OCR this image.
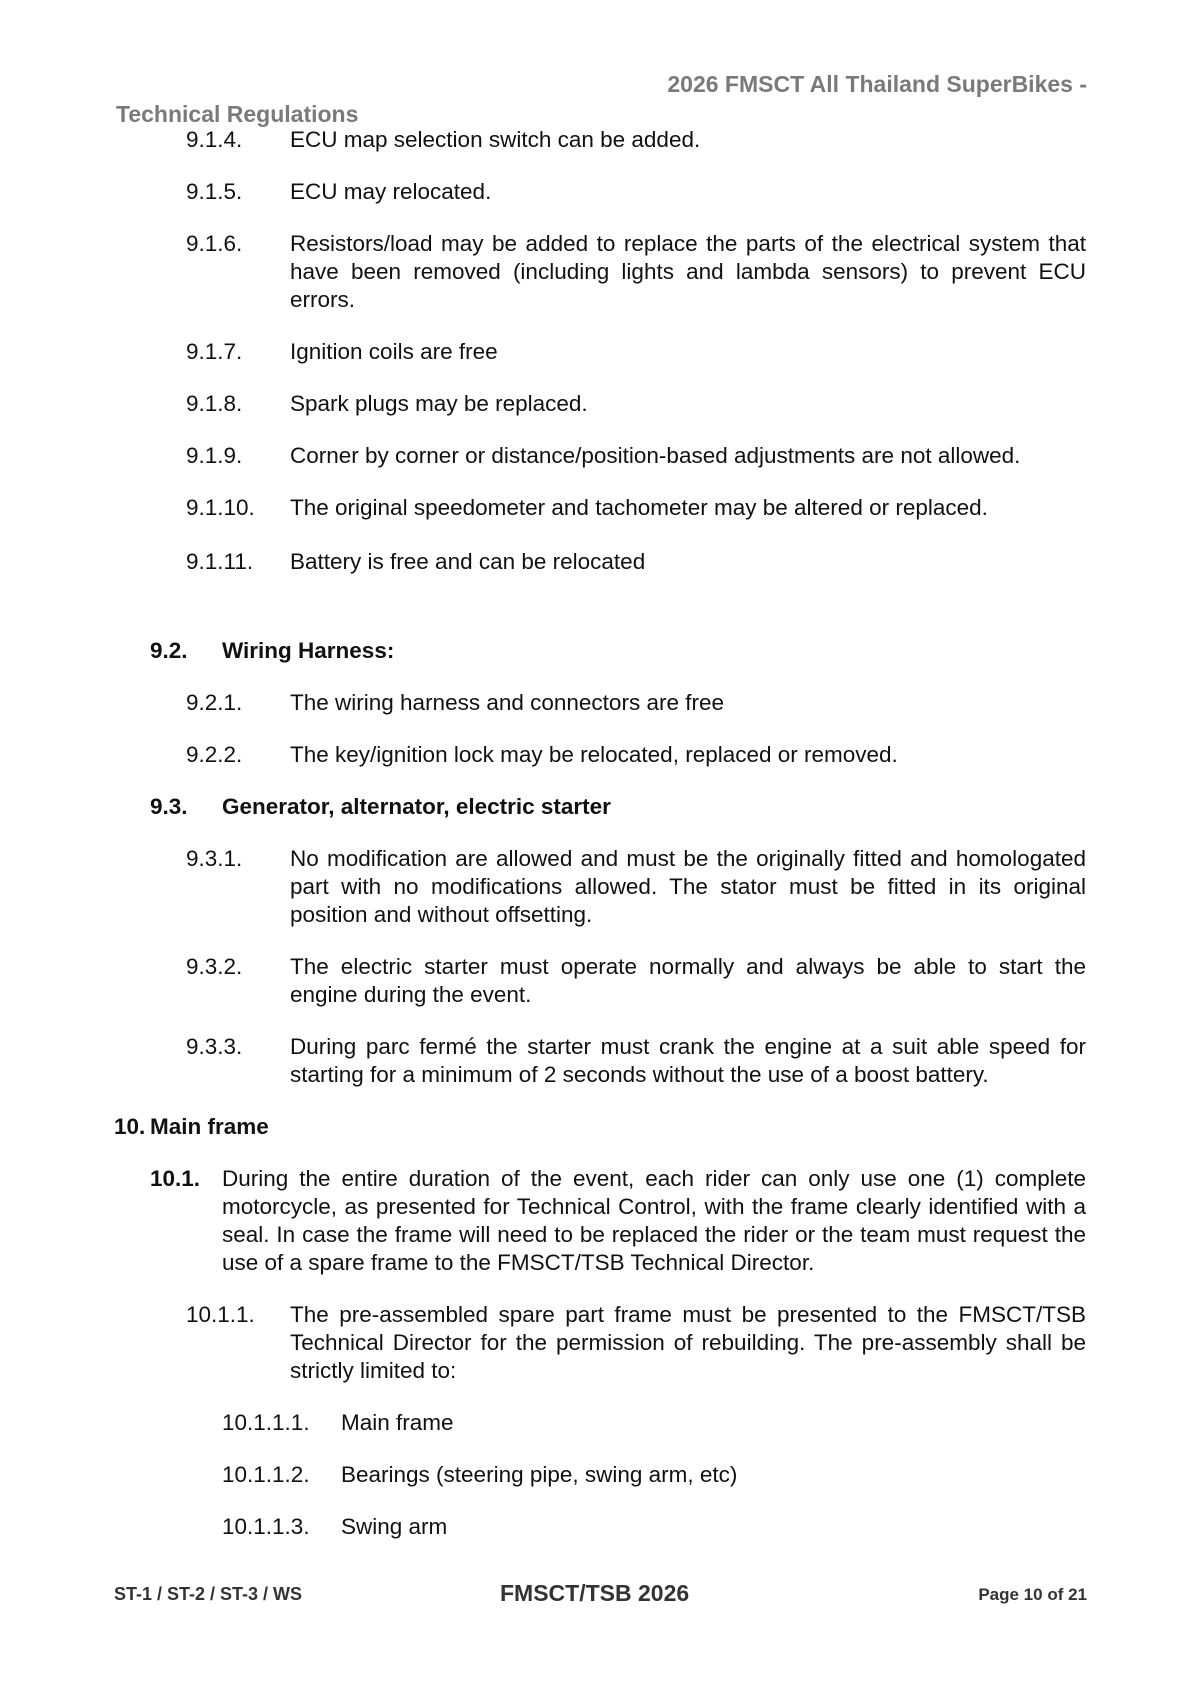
2026 FMSCT All Thailand SuperBikes -
Technical Regulations
9.1.4. ECU map selection switch can be added.
9.1.5. ECU may relocated.
9.1.6. Resistors/load may be added to replace the parts of the electrical system that have been removed (including lights and lambda sensors) to prevent ECU errors.
9.1.7. Ignition coils are free
9.1.8. Spark plugs may be replaced.
9.1.9. Corner by corner or distance/position-based adjustments are not allowed.
9.1.10. The original speedometer and tachometer may be altered or replaced.
9.1.11. Battery is free and can be relocated
9.2. Wiring Harness:
9.2.1. The wiring harness and connectors are free
9.2.2. The key/ignition lock may be relocated, replaced or removed.
9.3. Generator, alternator, electric starter
9.3.1. No modification are allowed and must be the originally fitted and homologated part with no modifications allowed. The stator must be fitted in its original position and without offsetting.
9.3.2. The electric starter must operate normally and always be able to start the engine during the event.
9.3.3. During parc fermé the starter must crank the engine at a suit able speed for starting for a minimum of 2 seconds without the use of a boost battery.
10. Main frame
10.1. During the entire duration of the event, each rider can only use one (1) complete motorcycle, as presented for Technical Control, with the frame clearly identified with a seal. In case the frame will need to be replaced the rider or the team must request the use of a spare frame to the FMSCT/TSB Technical Director.
10.1.1. The pre-assembled spare part frame must be presented to the FMSCT/TSB Technical Director for the permission of rebuilding. The pre-assembly shall be strictly limited to:
10.1.1.1. Main frame
10.1.1.2. Bearings (steering pipe, swing arm, etc)
10.1.1.3. Swing arm
ST-1 / ST-2 / ST-3 / WS	FMSCT/TSB 2026	Page 10 of 21
